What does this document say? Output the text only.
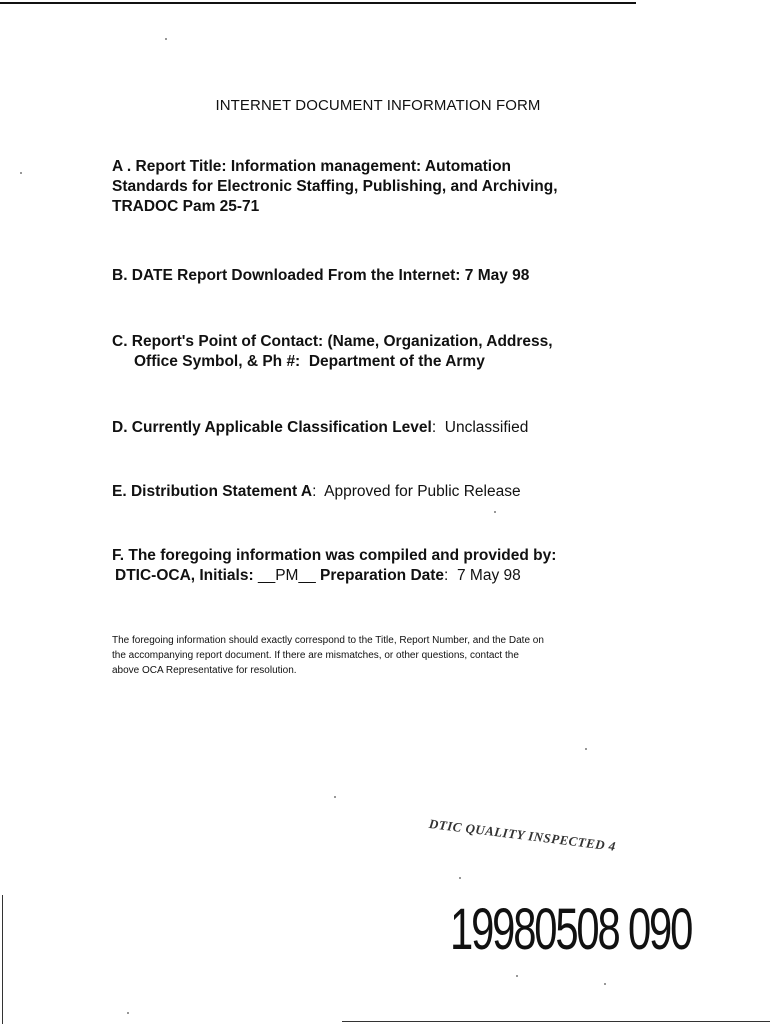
INTERNET DOCUMENT INFORMATION FORM
A . Report Title: Information management: Automation
Standards for Electronic Staffing, Publishing, and Archiving,
TRADOC Pam 25-71
B. DATE Report Downloaded From the Internet: 7 May 98
C. Report's Point of Contact: (Name, Organization, Address,
Office Symbol, & Ph #: Department of the Army
D. Currently Applicable Classification Level:  Unclassified
E. Distribution Statement A:  Approved for Public Release
F. The foregoing information was compiled and provided by:
DTIC-OCA, Initials: __PM__ Preparation Date:  7 May 98
The foregoing information should exactly correspond to the Title, Report Number, and the Date on
the accompanying report document. If there are mismatches, or other questions, contact the
above OCA Representative for resolution.
DTIC QUALITY INSPECTED 4
19980508 090
